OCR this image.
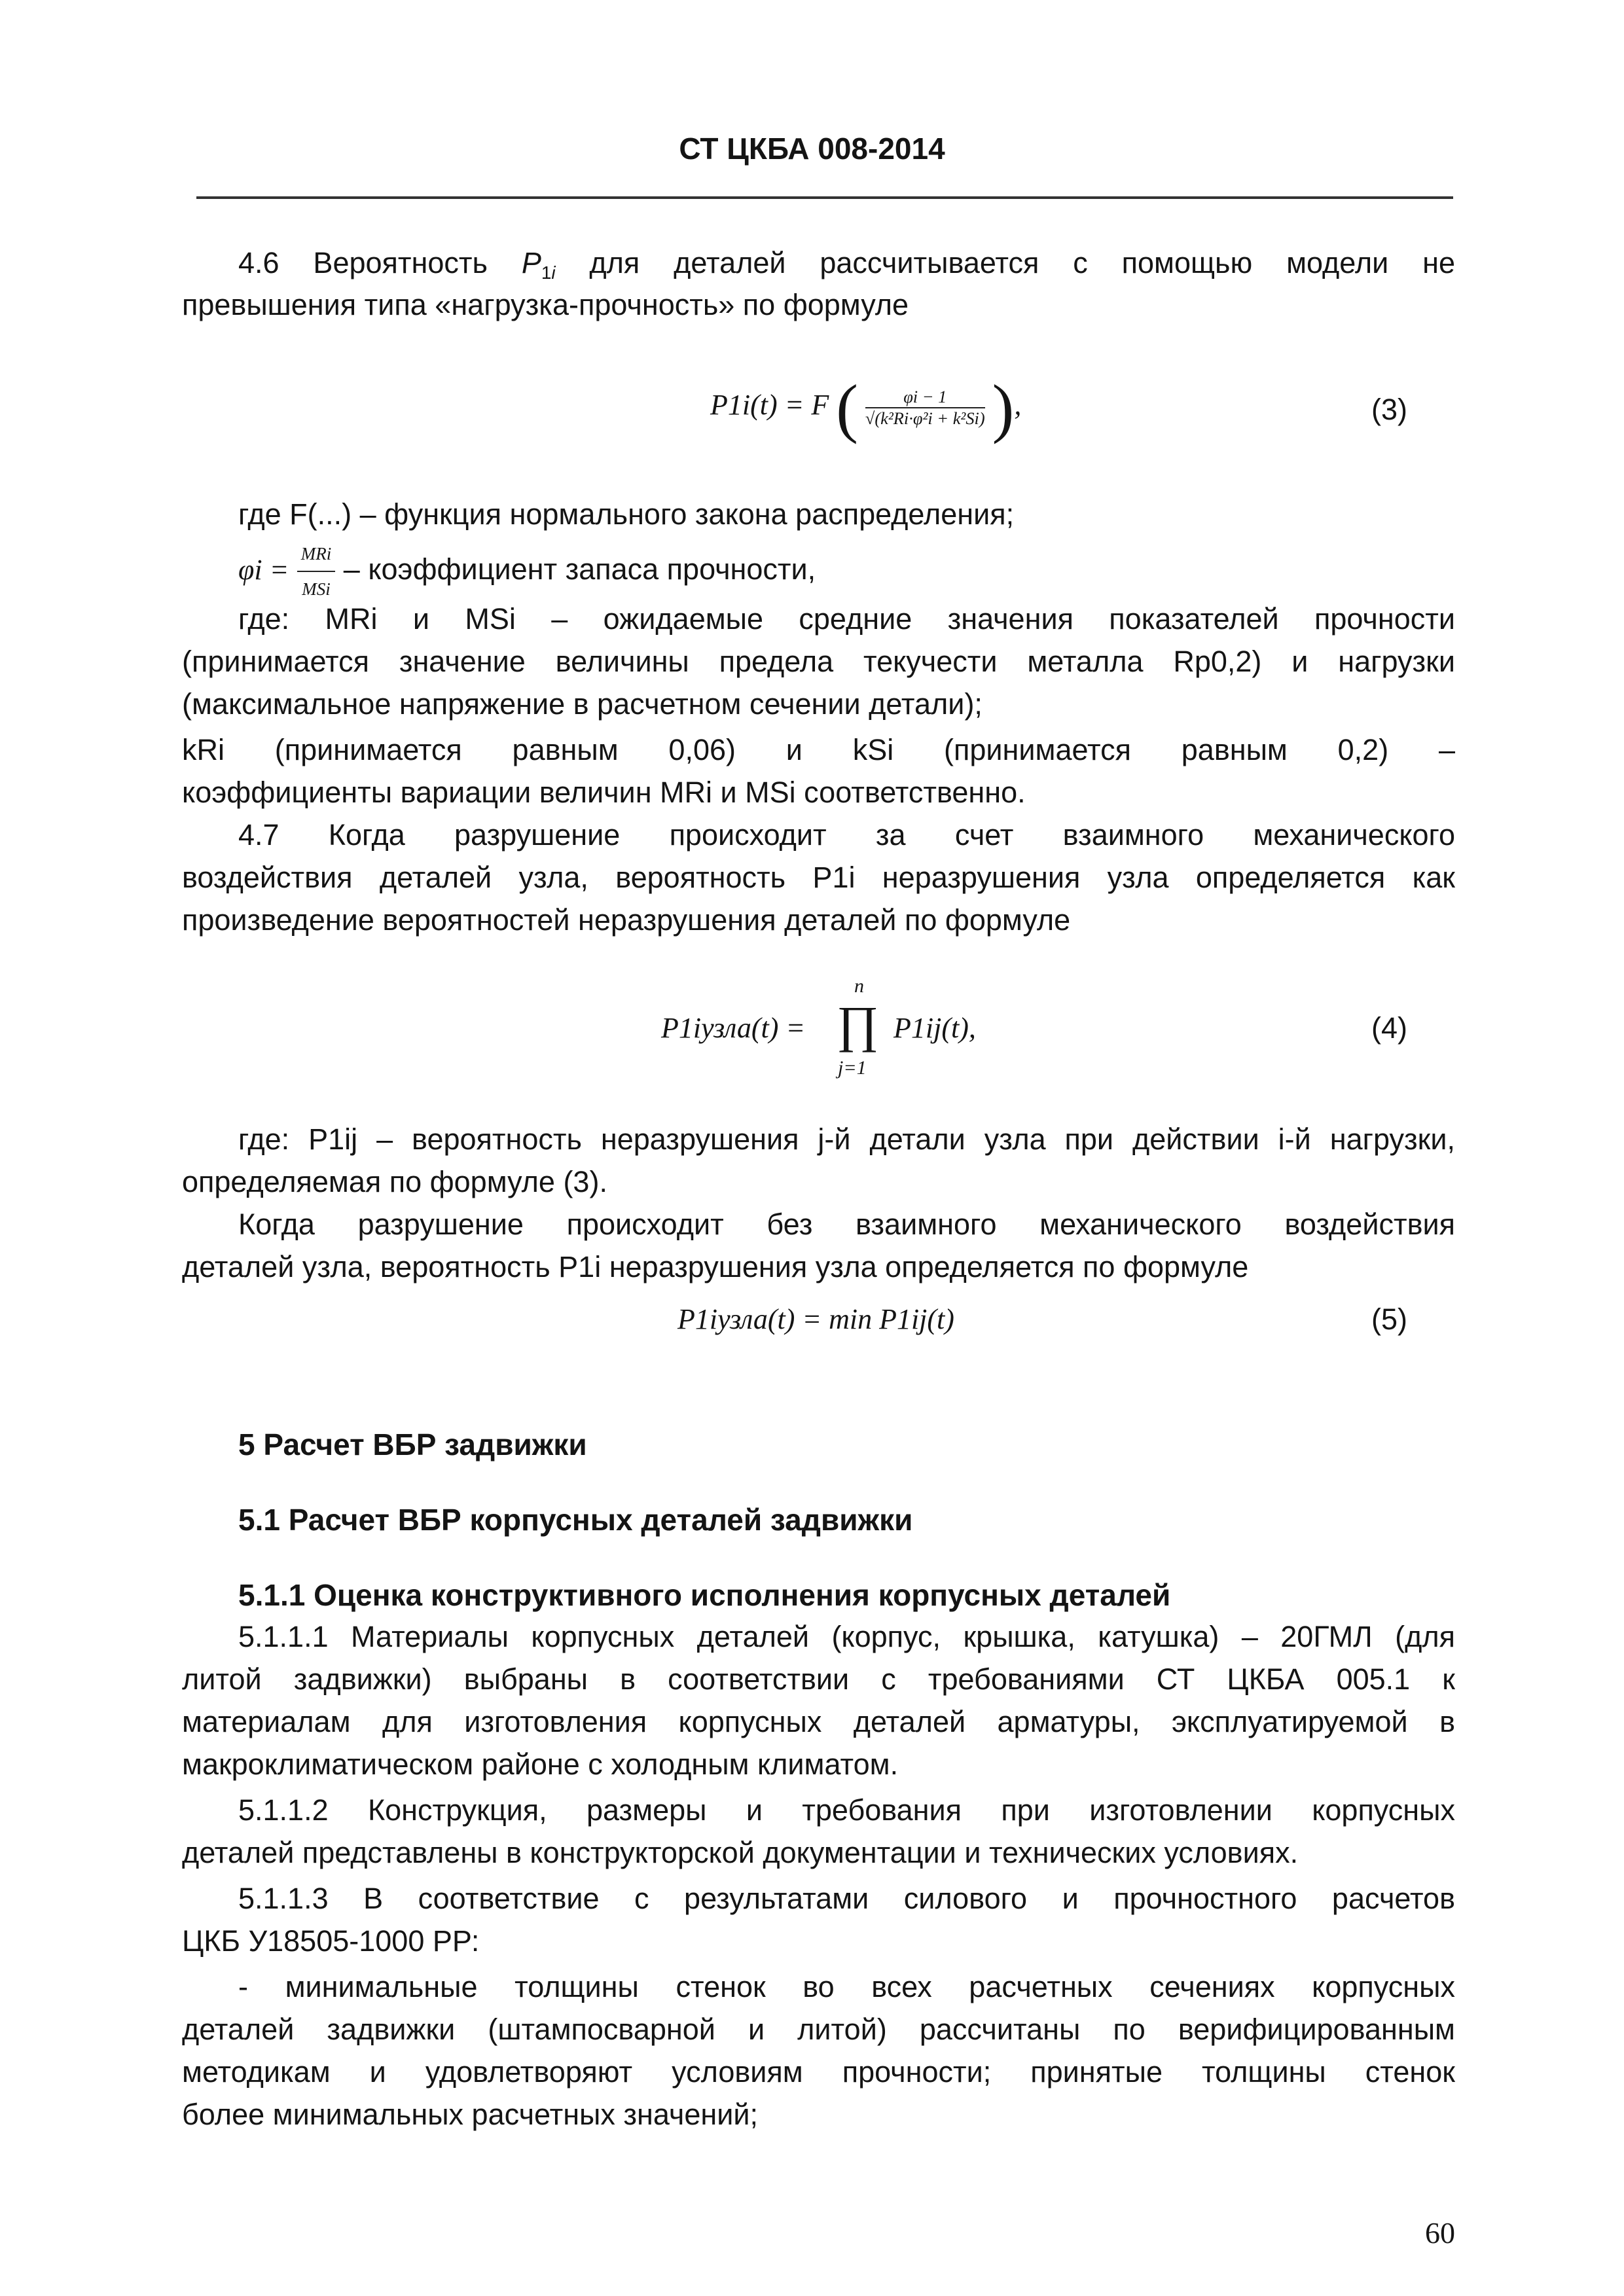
СТ ЦКБА 008-2014
4.6 Вероятность P1i для деталей рассчитывается с помощью модели не
превышения типа «нагрузка-прочность» по формуле
P1i(t) = F ( $\frac{\varphi i - 1}{\text{√(k²Ri·φ²i + k²Si)}}$ ),	(3)
где F(...) – функция нормального закона распределения;
$\varphi i = \frac{\text{MRi}}{\text{MSi}}$ – коэффициент запаса прочности,
где: MRi и MSi – ожидаемые средние значения показателей прочности
(принимается значение величины предела текучести металла Rp0,2) и нагрузки
(максимальное напряжение в расчетном сечении детали);
kRi (принимается равным 0,06) и kSi (принимается равным 0,2) –
коэффициенты вариации величин MRi и MSi соответственно.
4.7 Когда разрушение происходит за счет взаимного механического
воздействия деталей узла, вероятность P1i неразрушения узла определяется как
произведение вероятностей неразрушения деталей по формуле
P1iузла(t) =
n
∏
j=1
P1ij(t),	(4)
где: P1ij – вероятность неразрушения j-й детали узла при действии i-й нагрузки,
определяемая по формуле (3).
Когда разрушение происходит без взаимного механического воздействия
деталей узла, вероятность P1i неразрушения узла определяется по формуле
P1iузла(t) = min P1ij(t)	(5)
5 Расчет ВБР задвижки
5.1 Расчет ВБР корпусных деталей задвижки
5.1.1 Оценка конструктивного исполнения корпусных деталей
5.1.1.1 Материалы корпусных деталей (корпус, крышка, катушка) – 20ГМЛ (для
литой задвижки) выбраны в соответствии с требованиями СТ ЦКБА 005.1 к
материалам для изготовления корпусных деталей арматуры, эксплуатируемой в
макроклиматическом районе с холодным климатом.
5.1.1.2 Конструкция, размеры и требования при изготовлении корпусных
деталей представлены в конструкторской документации и технических условиях.
5.1.1.3 В соответствие с результатами силового и прочностного расчетов
ЦКБ У18505-1000 РР:
- минимальные толщины стенок во всех расчетных сечениях корпусных
деталей задвижки (штампосварной и литой) рассчитаны по верифицированным
методикам и удовлетворяют условиям прочности; принятые толщины стенок
более минимальных расчетных значений;
60
